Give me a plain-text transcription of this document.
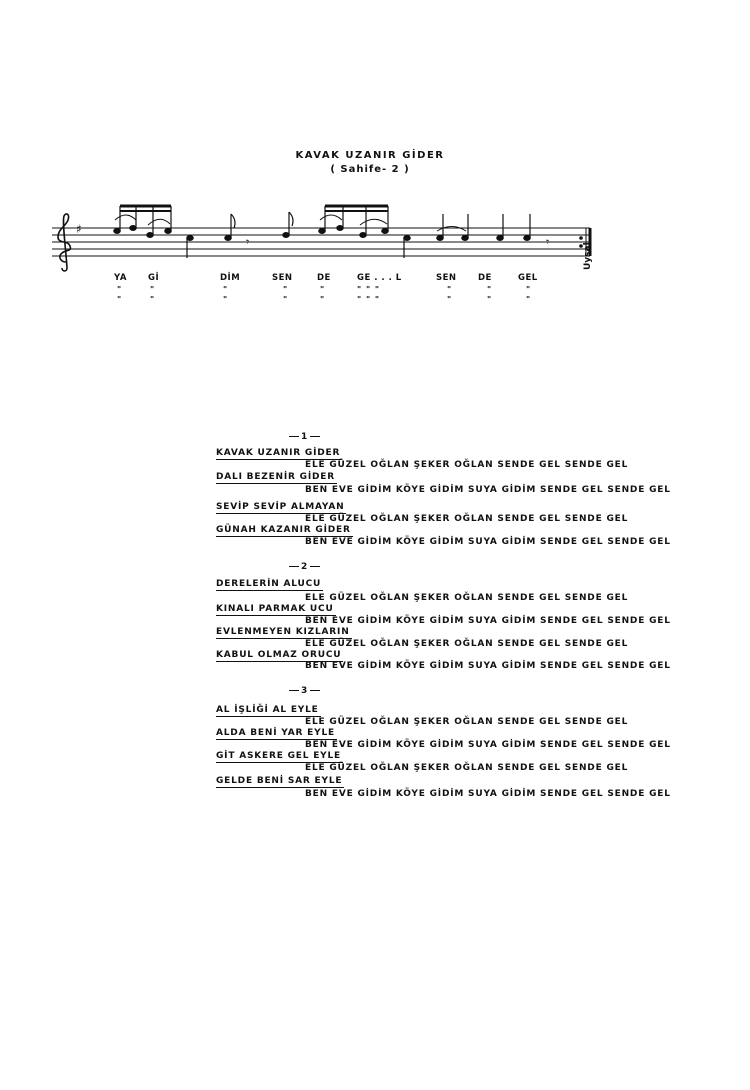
KAVAK UZANIR GİDER
( Sahife- 2 )
♯
𝄾	𝄾
Uysal
YA Gİ	DİM	SEN	DE	GE . . . L	SEN	DE	GEL
"	"	"	"	"	" " "	"	"	"
"	"	"	"	"	" " "	"	"	"
1
KAVAK UZANIR GİDER
ELE GÜZEL OĞLAN ŞEKER OĞLAN SENDE GEL SENDE GEL
DALI BEZENİR GİDER
BEN EVE GİDİM KÖYE GİDİM SUYA GİDİM SENDE GEL SENDE GEL
SEVİP SEVİP ALMAYAN
ELE GÜZEL OĞLAN ŞEKER OĞLAN SENDE GEL SENDE GEL
GÜNAH KAZANIR GİDER
BEN EVE GİDİM KÖYE GİDİM SUYA GİDİM SENDE GEL SENDE GEL
2
DERELERİN ALUCU
ELE GÜZEL OĞLAN ŞEKER OĞLAN SENDE GEL SENDE GEL
KINALI PARMAK UCU
BEN EVE GİDİM KÖYE GİDİM SUYA GİDİM SENDE GEL SENDE GEL
EVLENMEYEN KIZLARIN
ELE GÜZEL OĞLAN ŞEKER OĞLAN SENDE GEL SENDE GEL
KABUL OLMAZ ORUCU
BEN EVE GİDİM KÖYE GİDİM SUYA GİDİM SENDE GEL SENDE GEL
3
AL İŞLİĞİ AL EYLE
ELE GÜZEL OĞLAN ŞEKER OĞLAN SENDE GEL SENDE GEL
ALDA BENİ YAR EYLE
BEN EVE GİDİM KÖYE GİDİM SUYA GİDİM SENDE GEL SENDE GEL
GİT ASKERE GEL EYLE
ELE GÜZEL OĞLAN ŞEKER OĞLAN SENDE GEL SENDE GEL
GELDE BENİ SAR EYLE
BEN EVE GİDİM KÖYE GİDİM SUYA GİDİM SENDE GEL SENDE GEL
